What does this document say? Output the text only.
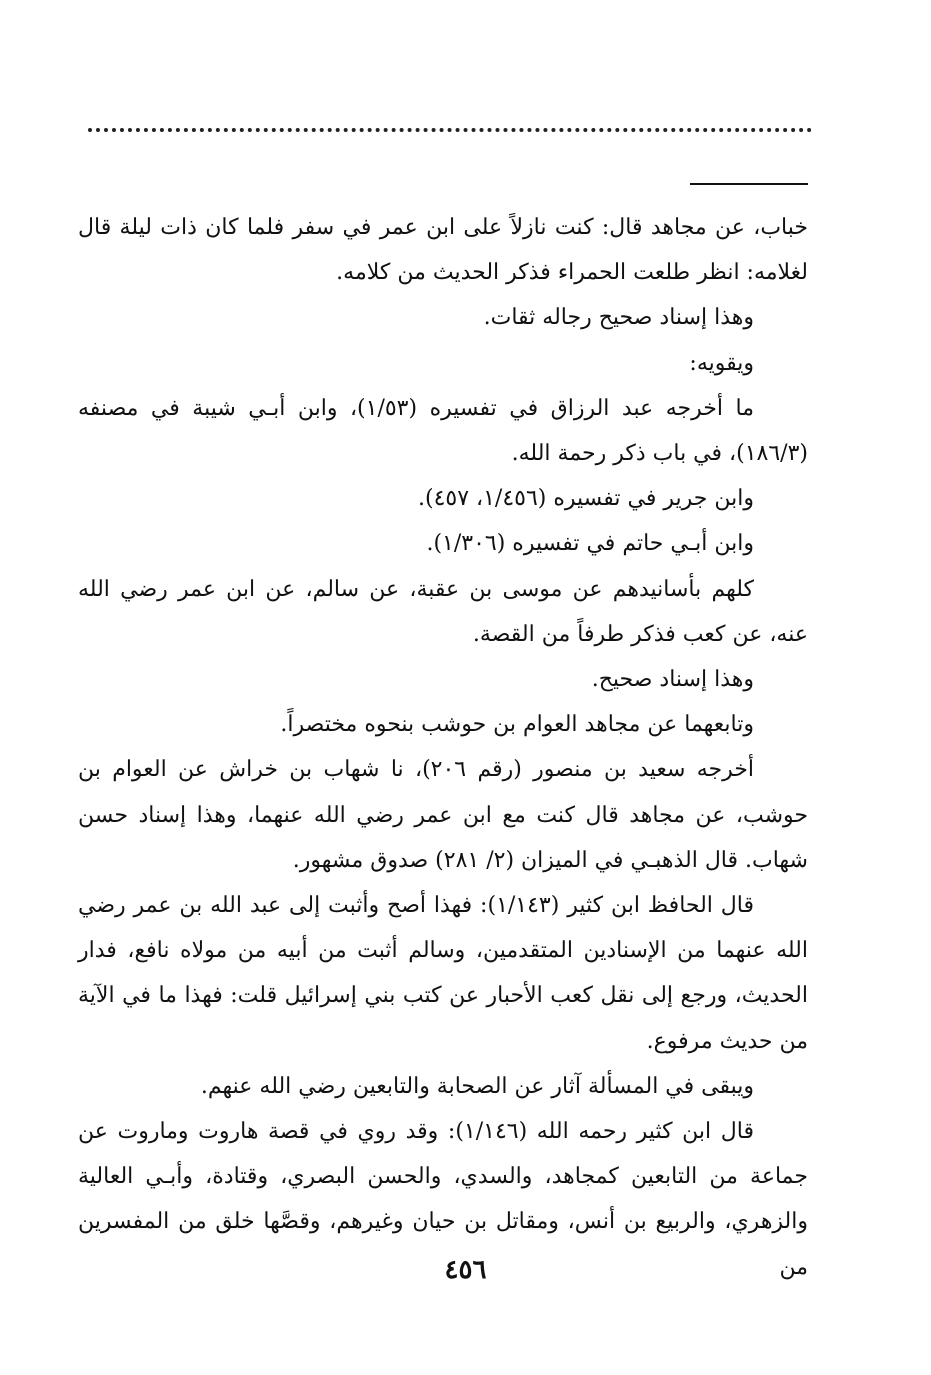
خباب، عن مجاهد قال: كنت نازلاً على ابن عمر في سفر فلما كان ذات ليلة قال لغلامه: انظر طلعت الحمراء فذكر الحديث من كلامه.

وهذا إسناد صحيح رجاله ثقات.

ويقويه:

ما أخرجه عبد الرزاق في تفسيره (١/٥٣)، وابن أبـي شيبة في مصنفه (١٨٦/٣)، في باب ذكر رحمة الله.

وابن جرير في تفسيره (١/٤٥٦، ٤٥٧).

وابن أبـي حاتم في تفسيره (١/٣٠٦).

كلهم بأسانيدهم عن موسى بن عقبة، عن سالم، عن ابن عمر رضي الله عنه، عن كعب فذكر طرفاً من القصة.

وهذا إسناد صحيح.

وتابعهما عن مجاهد العوام بن حوشب بنحوه مختصراً.

أخرجه سعيد بن منصور (رقم ٢٠٦)، نا شهاب بن خراش عن العوام بن حوشب، عن مجاهد قال كنت مع ابن عمر رضي الله عنهما، وهذا إسناد حسن شهاب. قال الذهبـي في الميزان (٢/ ٢٨١) صدوق مشهور.

قال الحافظ ابن كثير (١/١٤٣): فهذا أصح وأثبت إلى عبد الله بن عمر رضي الله عنهما من الإسنادين المتقدمين، وسالم أثبت من أبيه من مولاه نافع، فدار الحديث، ورجع إلى نقل كعب الأحبار عن كتب بني إسرائيل قلت: فهذا ما في الآية من حديث مرفوع.

ويبقى في المسألة آثار عن الصحابة والتابعين رضي الله عنهم.

قال ابن كثير رحمه الله (١/١٤٦): وقد روي في قصة هاروت وماروت عن جماعة من التابعين كمجاهد، والسدي، والحسن البصري، وقتادة، وأبـي العالية والزهري، والربيع بن أنس، ومقاتل بن حيان وغيرهم، وقصَّها خلق من المفسرين من

٤٥٦
